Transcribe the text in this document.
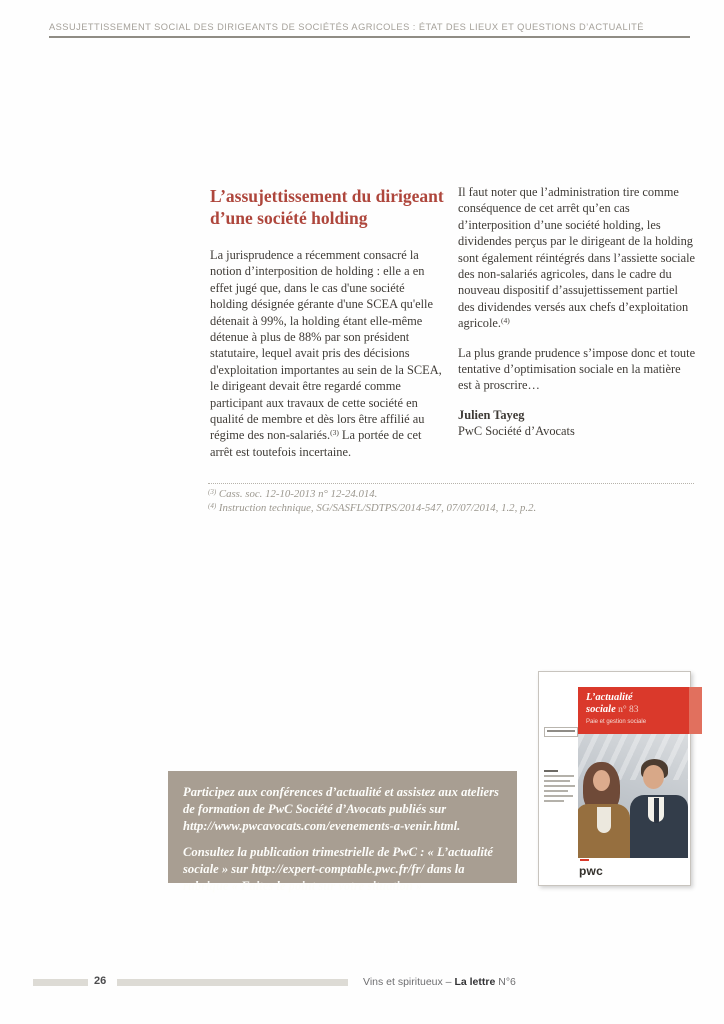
ASSUJETTISSEMENT SOCIAL DES DIRIGEANTS DE SOCIÉTÉS AGRICOLES : ÉTAT DES LIEUX ET QUESTIONS D’ACTUALITÉ
L’assujettissement du dirigeant d’une société holding

La jurisprudence a récemment consacré la notion d’interposition de holding : elle a en effet jugé que, dans le cas d'une société holding désignée gérante d'une SCEA qu'elle détenait à 99%, la holding étant elle-même détenue à plus de 88% par son président statutaire, lequel avait pris des décisions d'exploitation importantes au sein de la SCEA, le dirigeant devait être regardé comme participant aux travaux de cette société en qualité de membre et dès lors être affilié au régime des non-salariés.$^{(3)}$ La portée de cet arrêt est toutefois incertaine.

Il faut noter que l’administration tire comme conséquence de cet arrêt qu’en cas d’interposition d’une société holding, les dividendes perçus par le dirigeant de la holding sont également réintégrés dans l’assiette sociale des non-salariés agricoles, dans le cadre du nouveau dispositif d’assujettissement partiel des dividendes versés aux chefs d’exploitation agricole.$^{(4)}$

La plus grande prudence s’impose donc et toute tentative d’optimisation sociale en la matière est à proscrire…

Julien Tayeg
PwC Société d’Avocats

$^{(3)}$ Cass. soc. 12-10-2013 n° 12-24.014.
$^{(4)}$ Instruction technique, SG/SASFL/SDTPS/2014-547, 07/07/2014, 1.2, p.2.

Participez aux conférences d’actualité et assistez aux ateliers de formation de PwC Société d’Avocats publiés sur http://www.pwcavocats.com/evenements-a-venir.html.

Consultez la publication trimestrielle de PwC : « L’actualité sociale » sur http://expert-comptable.pwc.fr/fr/ dans la rubrique « Faites le point sur votre situation »

L’actualité
sociale n° 83
Paie et gestion sociale
pwc
26	Vins et spiritueux – La lettre N°6
